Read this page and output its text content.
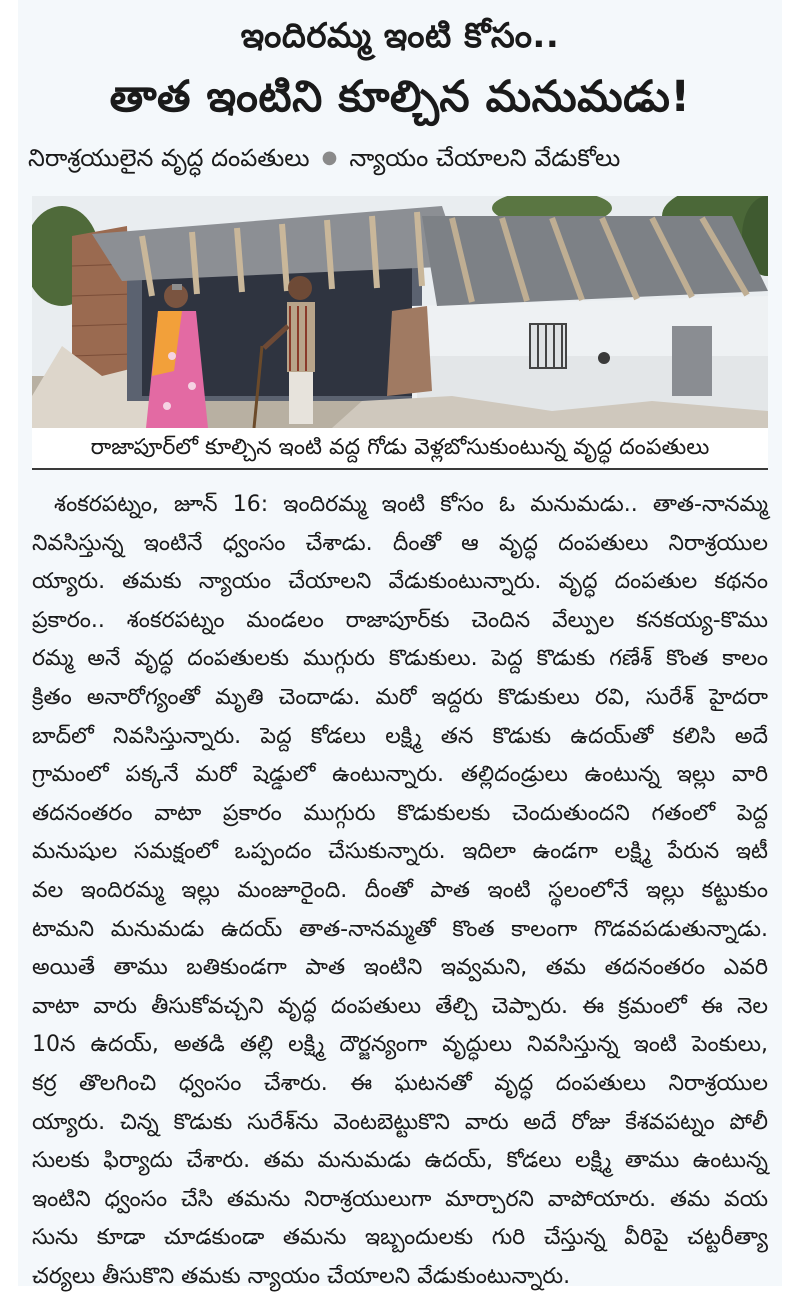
ఇందిరమ్మ ఇంటి కోసం..
తాత ఇంటిని కూల్చిన మనుమడు!
నిరాశ్రయులైన వృద్ధ దంపతులు ● న్యాయం చేయాలని వేడుకోలు
రాజాపూర్‌లో కూల్చిన ఇంటి వద్ద గోడు వెళ్లబోసుకుంటున్న వృద్ధ దంపతులు
శంకరపట్నం, జూన్ 16: ఇందిరమ్మ ఇంటి కోసం ఓ మనుమడు.. తాత-నానమ్మ
నివసిస్తున్న ఇంటినే ధ్వంసం చేశాడు. దీంతో ఆ వృద్ధ దంపతులు నిరాశ్రయుల
య్యారు. తమకు న్యాయం చేయాలని వేడుకుంటున్నారు. వృద్ధ దంపతుల కథనం
ప్రకారం.. శంకరపట్నం మండలం రాజాపూర్‌కు చెందిన వేల్పుల కనకయ్య-కొము
రమ్మ అనే వృద్ధ దంపతులకు ముగ్గురు కొడుకులు. పెద్ద కొడుకు గణేశ్ కొంత కాలం
క్రితం అనారోగ్యంతో మృతి చెందాడు. మరో ఇద్దరు కొడుకులు రవి, సురేశ్ హైదరా
బాద్‌లో నివసిస్తున్నారు. పెద్ద కోడలు లక్ష్మి తన కొడుకు ఉదయ్‌తో కలిసి అదే
గ్రామంలో పక్కనే మరో షెడ్డులో ఉంటున్నారు. తల్లిదండ్రులు ఉంటున్న ఇల్లు వారి
తదనంతరం వాటా ప్రకారం ముగ్గురు కొడుకులకు చెందుతుందని గతంలో పెద్ద
మనుషుల సమక్షంలో ఒప్పందం చేసుకున్నారు. ఇదిలా ఉండగా లక్ష్మి పేరున ఇటీ
వల ఇందిరమ్మ ఇల్లు మంజూరైంది. దీంతో పాత ఇంటి స్థలంలోనే ఇల్లు కట్టుకుం
టామని మనుమడు ఉదయ్ తాత-నానమ్మతో కొంత కాలంగా గొడవపడుతున్నాడు.
అయితే తాము బతికుండగా పాత ఇంటిని ఇవ్వమని, తమ తదనంతరం ఎవరి
వాటా వారు తీసుకోవచ్చని వృద్ధ దంపతులు తేల్చి చెప్పారు. ఈ క్రమంలో ఈ నెల
10న ఉదయ్, అతడి తల్లి లక్ష్మి దౌర్జన్యంగా వృద్ధులు నివసిస్తున్న ఇంటి పెంకులు,
కర్ర తొలగించి ధ్వంసం చేశారు. ఈ ఘటనతో వృద్ధ దంపతులు నిరాశ్రయుల
య్యారు. చిన్న కొడుకు సురేశ్‌ను వెంటబెట్టుకొని వారు అదే రోజు కేశవపట్నం పోలీ
సులకు ఫిర్యాదు చేశారు. తమ మనుమడు ఉదయ్, కోడలు లక్ష్మి తాము ఉంటున్న
ఇంటిని ధ్వంసం చేసి తమను నిరాశ్రయులుగా మార్చారని వాపోయారు. తమ వయ
సును కూడా చూడకుండా తమను ఇబ్బందులకు గురి చేస్తున్న వీరిపై చట్టరీత్యా
చర్యలు తీసుకొని తమకు న్యాయం చేయాలని వేడుకుంటున్నారు.
